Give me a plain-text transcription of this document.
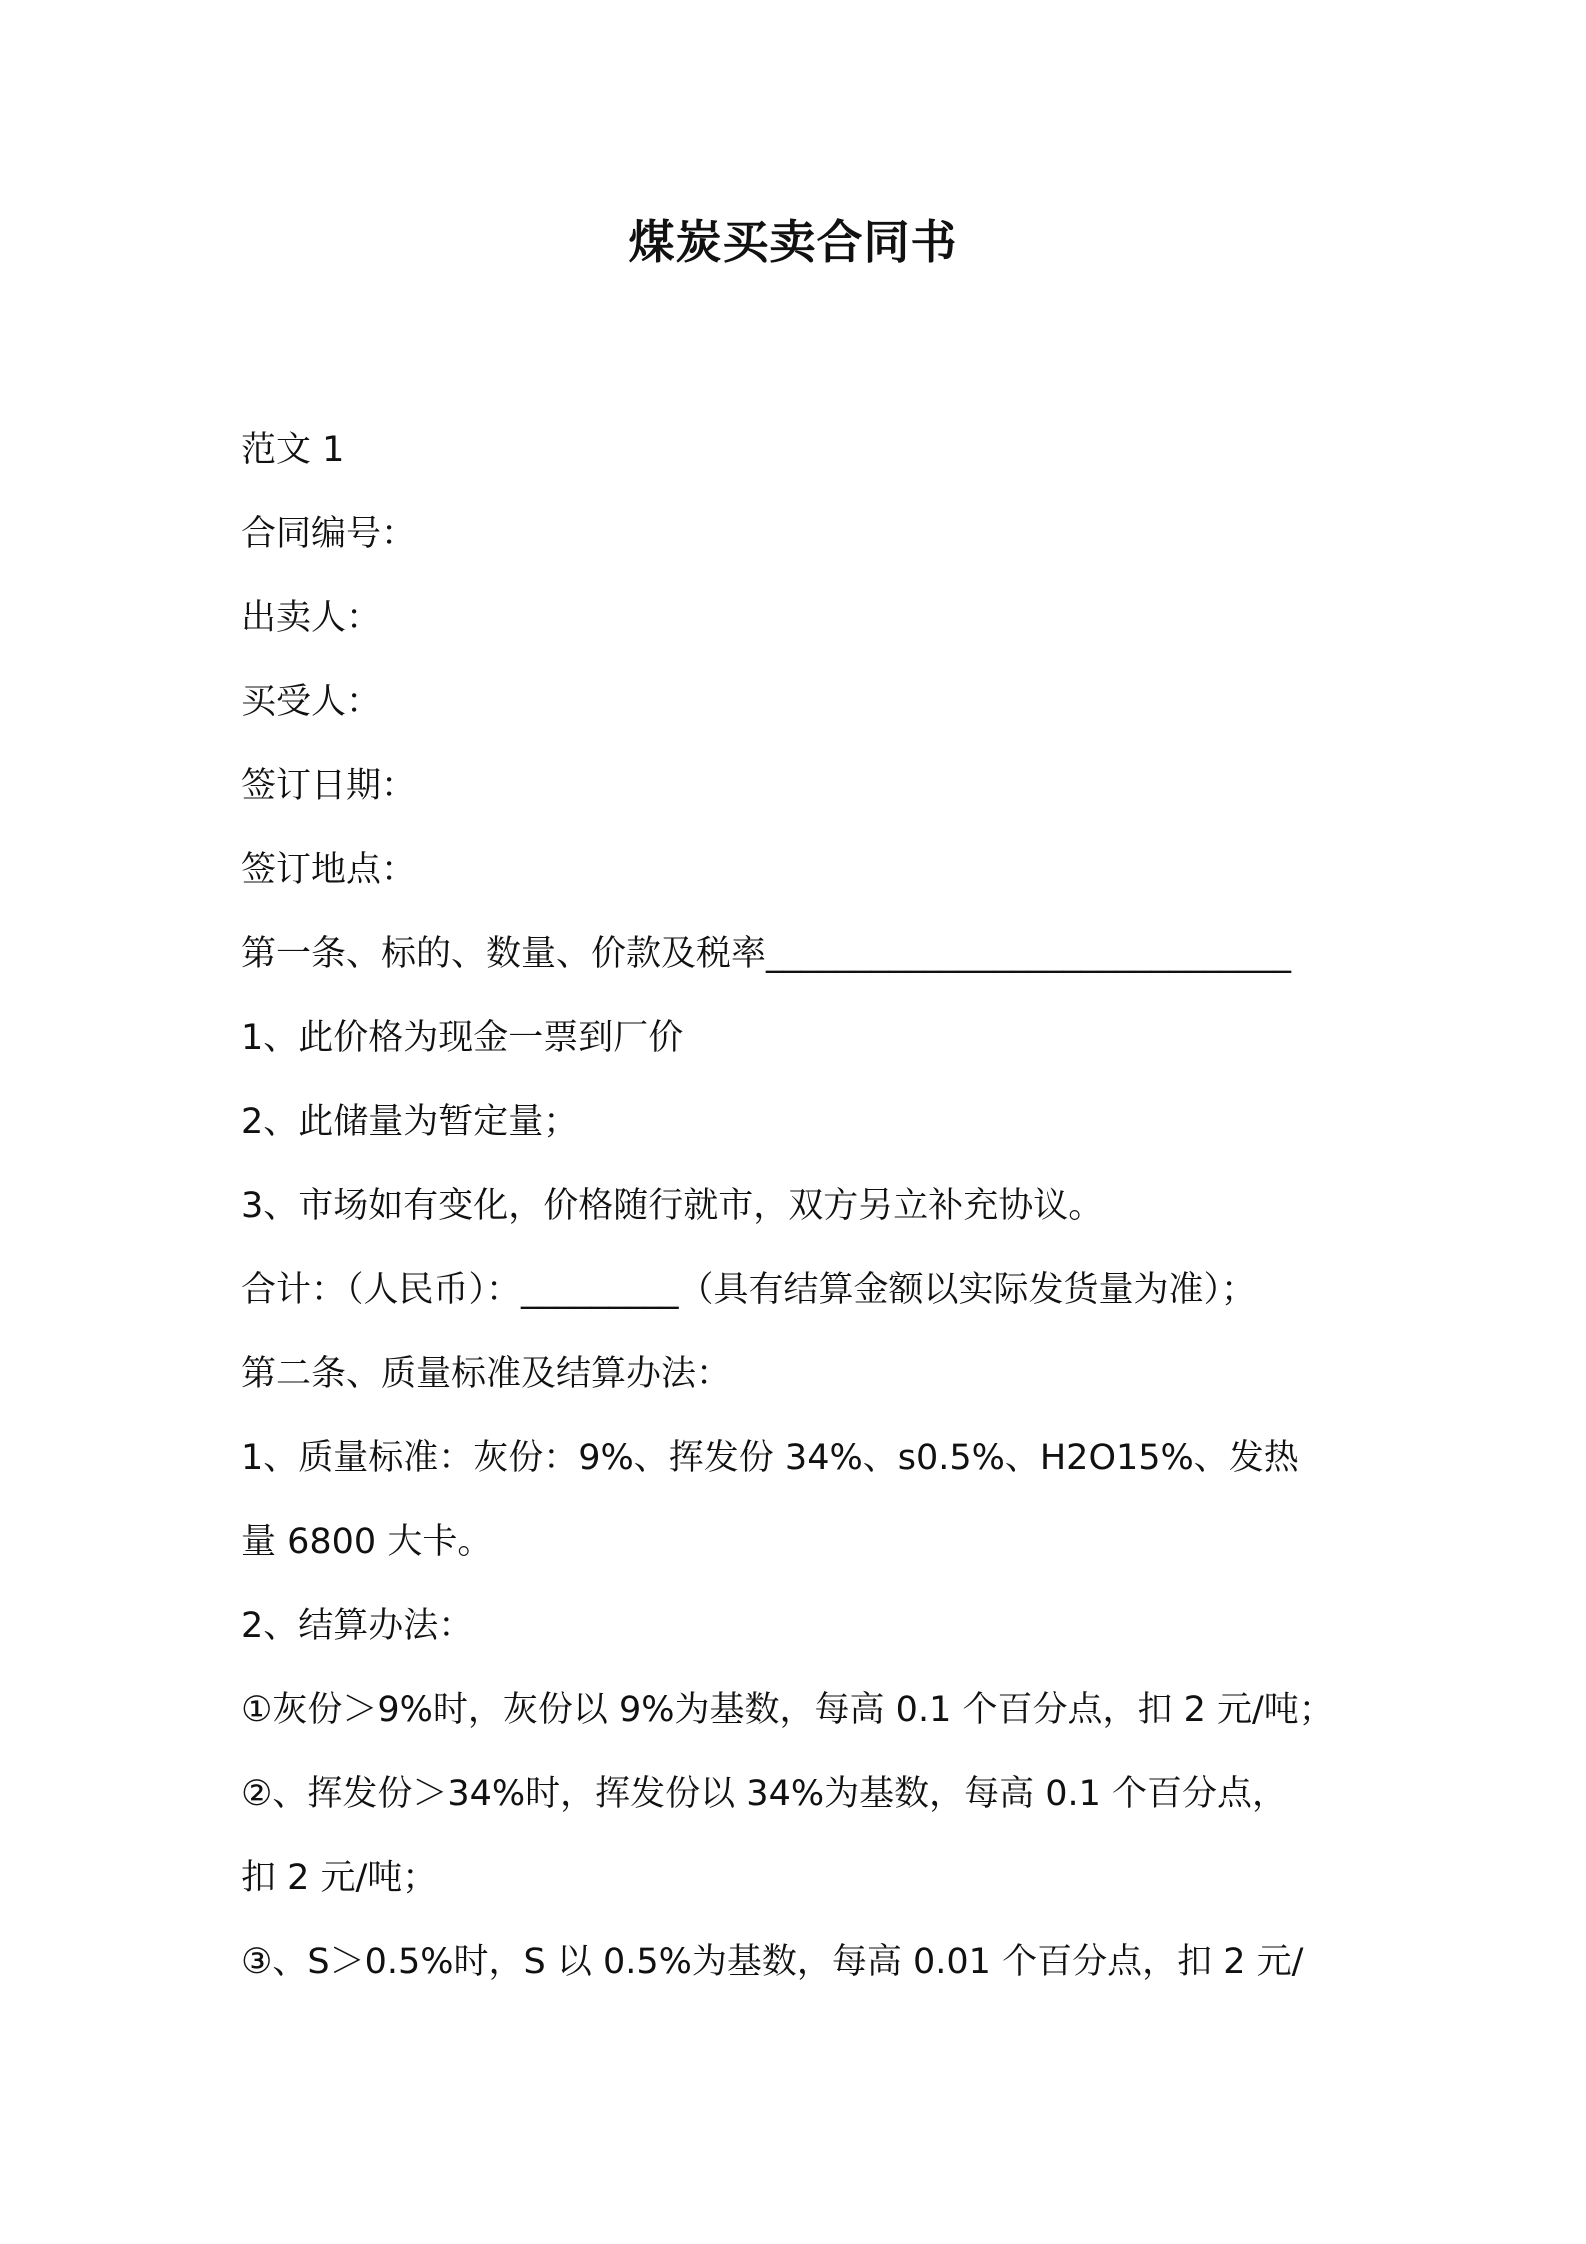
煤炭买卖合同书

范文 1

合同编号：

出卖人：

买受人：

签订日期：

签订地点：

第一条、标的、数量、价款及税率______________________________

1、此价格为现金一票到厂价

2、此储量为暂定量；

3、市场如有变化，价格随行就市，双方另立补充协议。

合计：（人民币）：_________（具有结算金额以实际发货量为准）；

第二条、质量标准及结算办法：

1、质量标准：灰份：9%、挥发份 34%、s0.5%、H2O15%、发热

量 6800 大卡。

2、结算办法：

①灰份＞9%时，灰份以 9%为基数，每高 0.1 个百分点，扣 2 元/吨；

②、挥发份＞34%时，挥发份以 34%为基数，每高 0.1 个百分点，

扣 2 元/吨；

③、S＞0.5%时，S 以 0.5%为基数，每高 0.01 个百分点，扣 2 元/
